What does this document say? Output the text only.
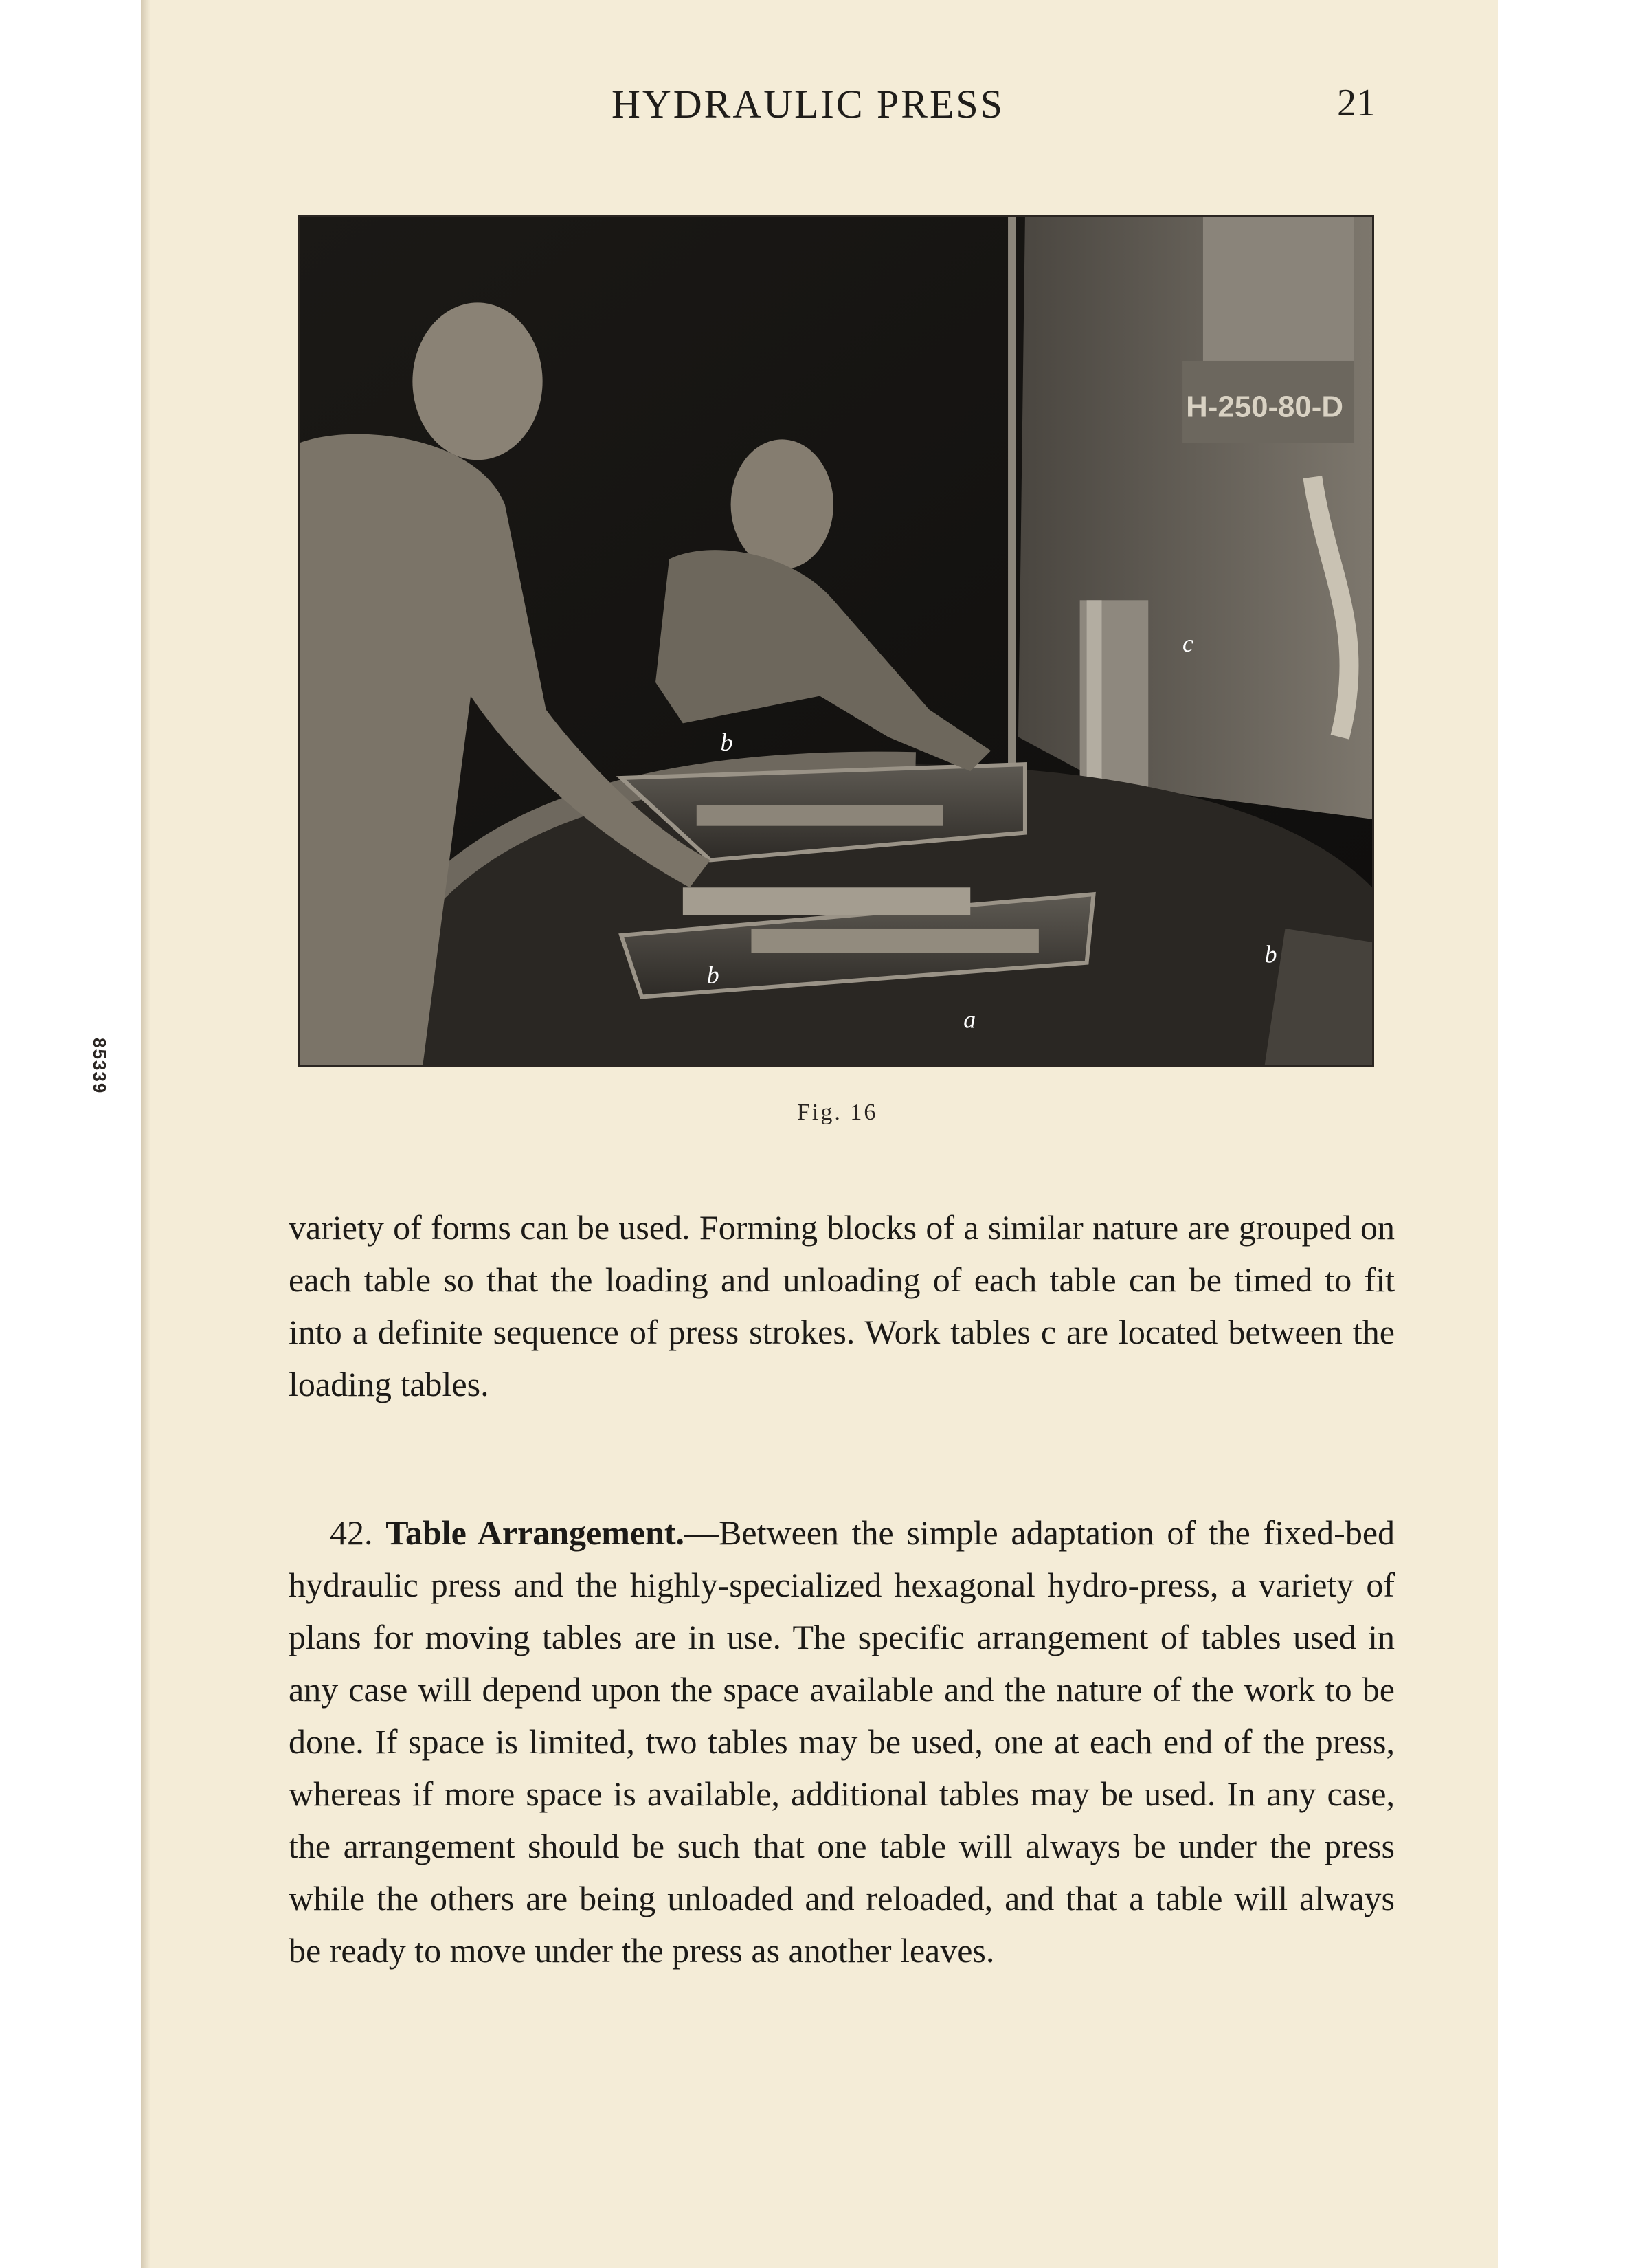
HYDRAULIC PRESS	21
85339
H-250-80-D
c
b
b
b
a
Fig. 16

variety of forms can be used. Forming blocks of a similar nature are grouped on each table so that the loading and unloading of each table can be timed to fit into a definite sequence of press strokes. Work tables c are located between the loading tables.

42. Table Arrangement.—Between the simple adaptation of the fixed-bed hydraulic press and the highly-specialized hexagonal hydro-press, a variety of plans for moving tables are in use. The specific arrangement of tables used in any case will depend upon the space available and the nature of the work to be done. If space is limited, two tables may be used, one at each end of the press, whereas if more space is available, additional tables may be used. In any case, the arrangement should be such that one table will always be under the press while the others are being unloaded and reloaded, and that a table will always be ready to move under the press as another leaves.
